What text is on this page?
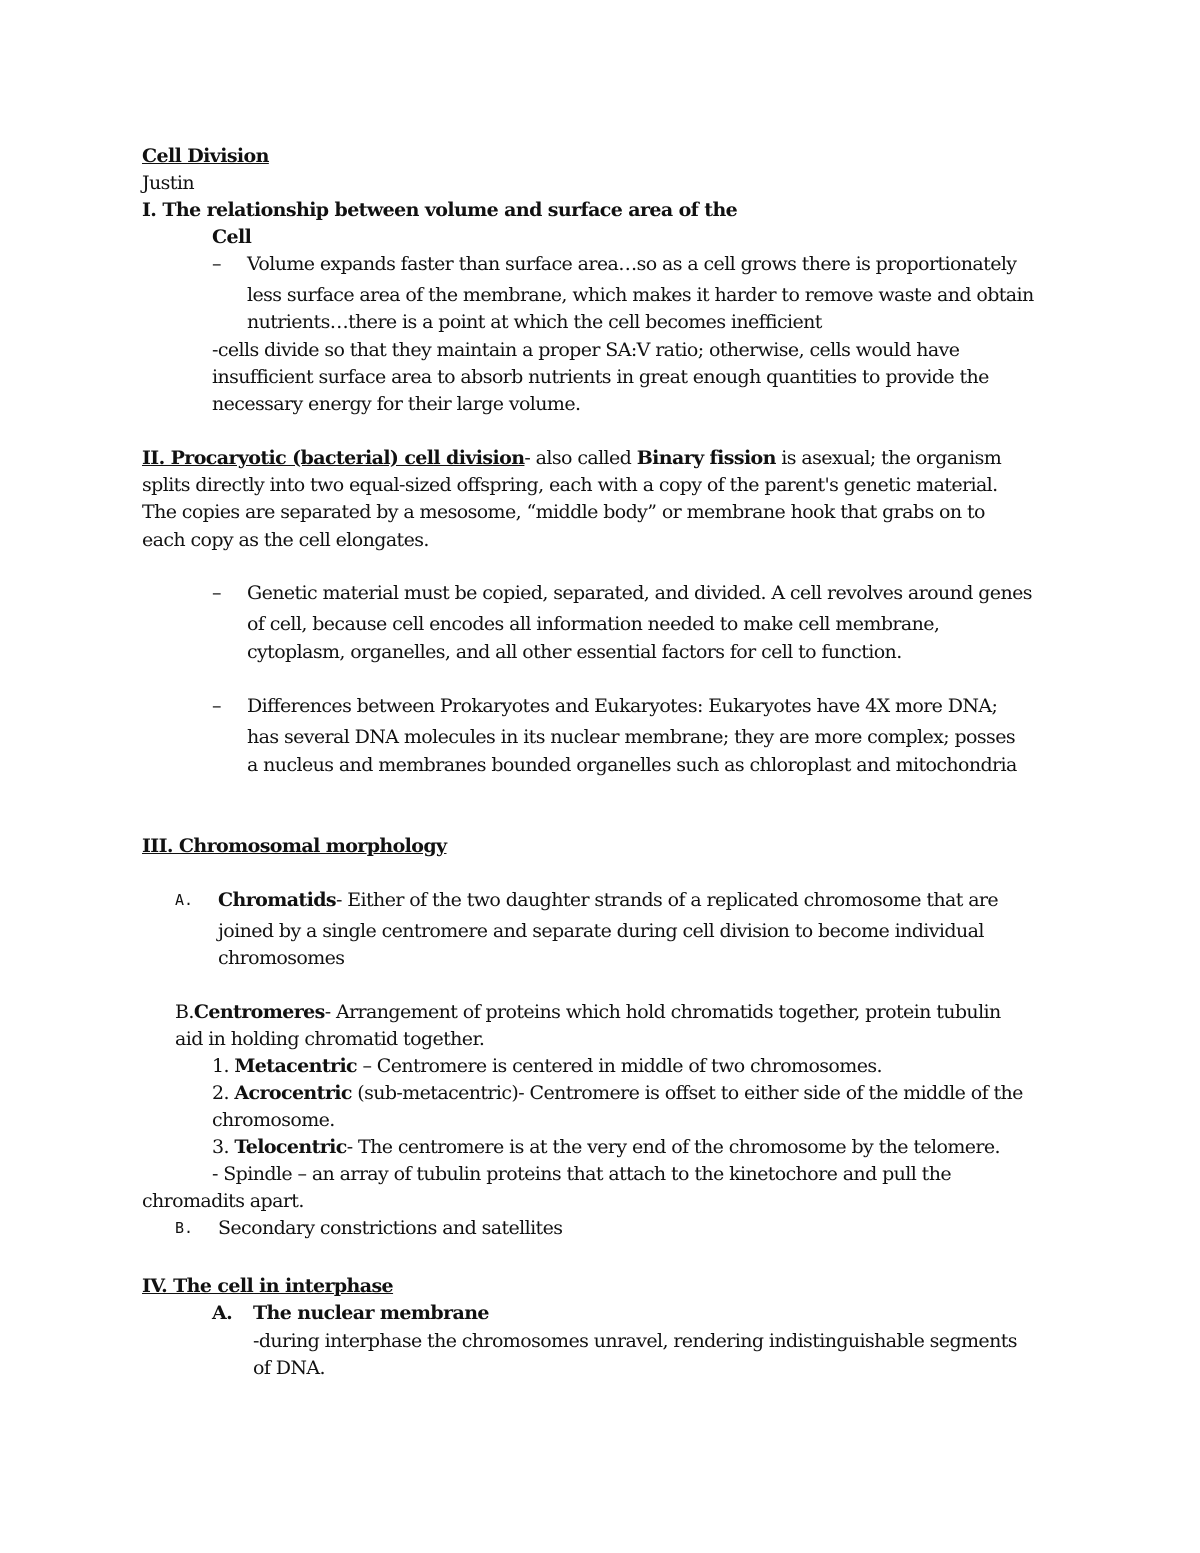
Cell Division
Justin
I. The relationship between volume and surface area of the
Cell
– Volume expands faster than surface area…so as a cell grows there is proportionately
less surface area of the membrane, which makes it harder to remove waste and obtain
nutrients…there is a point at which the cell becomes inefficient
-cells divide so that they maintain a proper SA:V ratio; otherwise, cells would have
insufficient surface area to absorb nutrients in great enough quantities to provide the
necessary energy for their large volume.
II. Procaryotic (bacterial) cell division- also called Binary fission is asexual; the organism
splits directly into two equal-sized offspring, each with a copy of the parent's genetic material.
The copies are separated by a mesosome, “middle body” or membrane hook that grabs on to
each copy as the cell elongates.
– Genetic material must be copied, separated, and divided. A cell revolves around genes
of cell, because cell encodes all information needed to make cell membrane,
cytoplasm, organelles, and all other essential factors for cell to function.
– Differences between Prokaryotes and Eukaryotes: Eukaryotes have 4X more DNA;
has several DNA molecules in its nuclear membrane; they are more complex; posses
a nucleus and membranes bounded organelles such as chloroplast and mitochondria
III. Chromosomal morphology
A. Chromatids- Either of the two daughter strands of a replicated chromosome that are
joined by a single centromere and separate during cell division to become individual
chromosomes
B.Centromeres- Arrangement of proteins which hold chromatids together, protein tubulin
aid in holding chromatid together.
1. Metacentric – Centromere is centered in middle of two chromosomes.
2. Acrocentric (sub-metacentric)- Centromere is offset to either side of the middle of the
chromosome.
3. Telocentric- The centromere is at the very end of the chromosome by the telomere.
- Spindle – an array of tubulin proteins that attach to the kinetochore and pull the
chromadits apart.
B. Secondary constrictions and satellites
IV. The cell in interphase
A. The nuclear membrane
-during interphase the chromosomes unravel, rendering indistinguishable segments
of DNA.
